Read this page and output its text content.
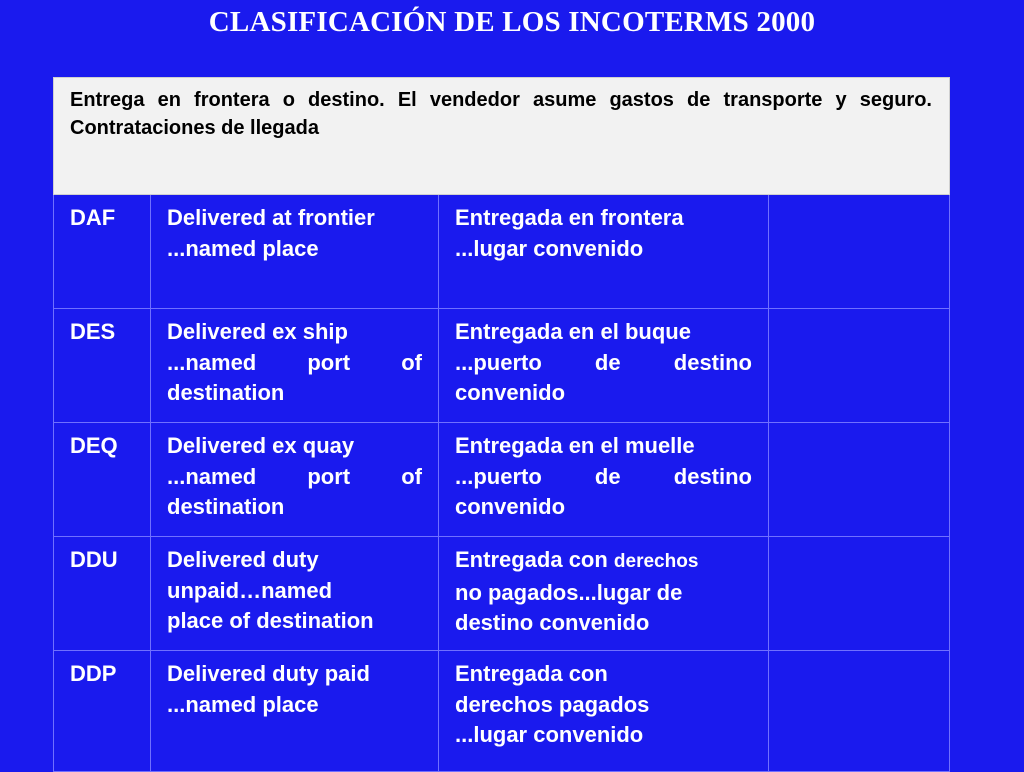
CLASIFICACIÓN DE LOS INCOTERMS 2000
Entrega en frontera o destino. El vendedor asume gastos de transporte y seguro. Contrataciones de llegada			

DAF	Delivered at frontier
...named place	Entregada en frontera
...lugar convenido	

DES	Delivered ex ship
...named port of
destination	Entregada en el buque
...puerto de destino
convenido	

DEQ	Delivered ex quay
...named port of
destination	Entregada en el muelle
...puerto de destino
convenido	

DDU	Delivered duty
unpaid…named
place of destination	Entregada con derechos
no pagados...lugar de
destino convenido	

DDP	Delivered duty paid
...named place	Entregada con
derechos pagados
...lugar convenido	
